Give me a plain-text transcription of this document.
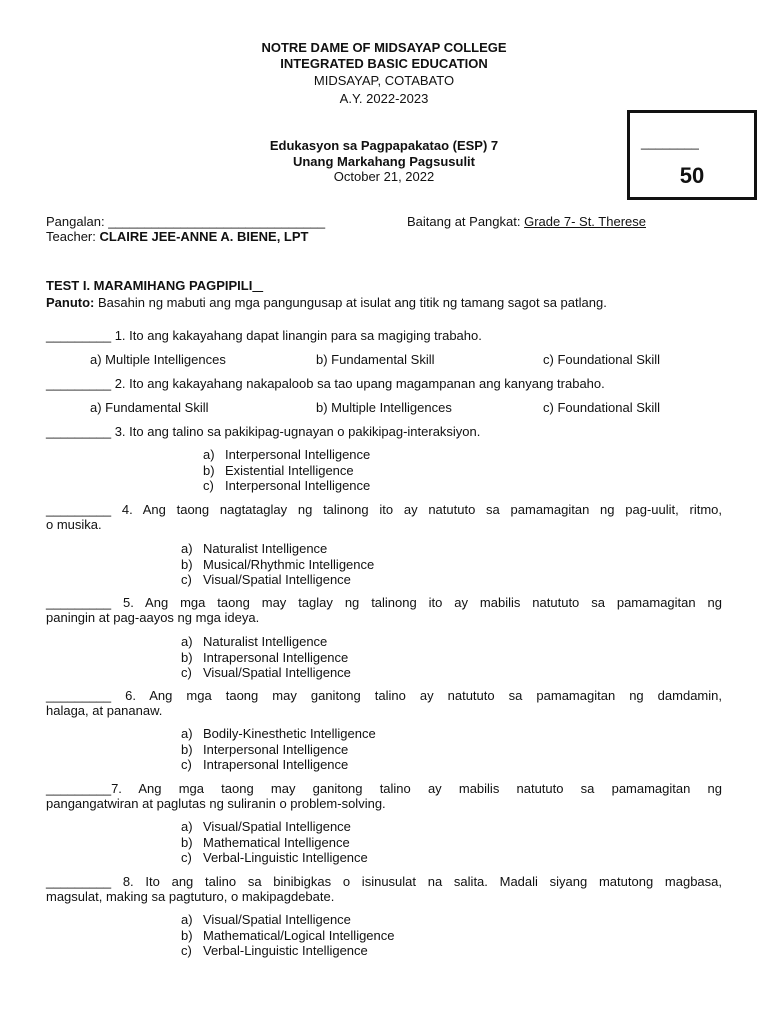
NOTRE DAME OF MIDSAYAP COLLEGE
INTEGRATED BASIC EDUCATION
MIDSAYAP, COTABATO
A.Y. 2022-2023
Edukasyon sa Pagpapakatao (ESP) 7
Unang Markahang Pagsusulit
October 21, 2022
________
50
Pangalan: ______________________________	Baitang at Pangkat: Grade 7- St. Therese
Teacher: CLAIRE JEE-ANNE A. BIENE, LPT
TEST I. MARAMIHANG PAGPIPILI
Panuto: Basahin ng mabuti ang mga pangungusap at isulat ang titik ng tamang sagot sa patlang.
_________ 1. Ito ang kakayahang dapat linangin para sa magiging trabaho.
a) Multiple Intelligences	b) Fundamental Skill	c) Foundational Skill
_________ 2. Ito ang kakayahang nakapaloob sa tao upang magampanan ang kanyang trabaho.
a) Fundamental Skill	b) Multiple Intelligences	c) Foundational Skill
_________ 3. Ito ang talino sa pakikipag-ugnayan o pakikipag-interaksiyon.
a) Interpersonal Intelligence
b) Existential Intelligence
c) Interpersonal Intelligence
_________ 4. Ang taong nagtataglay ng talinong ito ay natututo sa pamamagitan ng pag-uulit, ritmo,
o musika.
a) Naturalist Intelligence
b) Musical/Rhythmic Intelligence
c) Visual/Spatial Intelligence
_________ 5. Ang mga taong may taglay ng talinong ito ay mabilis natututo sa pamamagitan ng
paningin at pag-aayos ng mga ideya.
a) Naturalist Intelligence
b) Intrapersonal Intelligence
c) Visual/Spatial Intelligence
_________ 6. Ang mga taong may ganitong talino ay natututo sa pamamagitan ng damdamin,
halaga, at pananaw.
a) Bodily-Kinesthetic Intelligence
b) Interpersonal Intelligence
c) Intrapersonal Intelligence
_________7. Ang mga taong may ganitong talino ay mabilis natututo sa pamamagitan ng
pangangatwiran at paglutas ng suliranin o problem-solving.
a) Visual/Spatial Intelligence
b) Mathematical Intelligence
c) Verbal-Linguistic Intelligence
_________ 8. Ito ang talino sa binibigkas o isinusulat na salita. Madali siyang matutong magbasa,
magsulat, making sa pagtuturo, o makipagdebate.
a) Visual/Spatial Intelligence
b) Mathematical/Logical Intelligence
c) Verbal-Linguistic Intelligence
